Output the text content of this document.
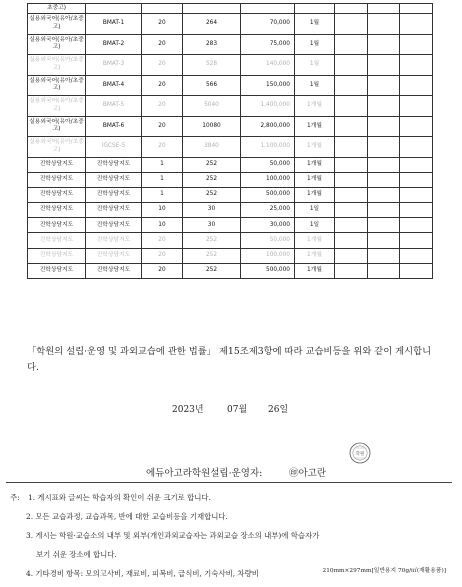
초중고)								
실용외국어(유아/초중고)	BMAT-1	20	264	70,000	1월			
실용외국어(유아/초중고)	BMAT-2	20	283	75,000	1월			
실용외국어(유아/초중고)	BMAT-3	20	528	140,000	1월			
실용외국어(유아/초중고)	BMAT-4	20	566	150,000	1월			
실용외국어(유아/초중고)	BMAT-5	20	5040	1,400,000	1개월			
실용외국어(유아/초중고)	BMAT-6	20	10080	2,800,000	1개월			
실용외국어(유아/초중고)	IGCSE-5	20	3840	1,100,000	1개월			
진학상담지도	진학상담지도	1	252	50,000	1개월			
진학상담지도	진학상담지도	1	252	100,000	1개월			
진학상담지도	진학상담지도	1	252	500,000	1개월			
진학상담지도	진학상담지도	10	30	25,000	1일			
진학상담지도	진학상담지도	10	30	30,000	1일			
진학상담지도	진학상담지도	20	252	50,000	1개월			
진학상담지도	진학상담지도	20	252	100,000	1개월			
진학상담지도	진학상담지도	20	252	500,000	1개월			

「학원의 설립·운영 및 과외교습에 관한 법률」 제15조제3항에 따라 교습비등을 위와 같이 게시합니다.

2023년	07월 26일
에듀아고라학원설립·운영자:	㊞아고란
학원
주: 1. 게시표와 글씨는 학습자의 확인이 쉬운 크기로 합니다.
2. 모든 교습과정, 교습과목, 반에 대한 교습비등을 기재합니다.
3. 게시는 학원·교습소의 내부 및 외부(개인과외교습자는 과외교습 장소의 내부)에 학습자가
보기 쉬운 장소에 합니다.
4. 기타경비 항목: 모의고사비, 재료비, 피복비, 급식비, 기숙사비, 차량비	210mm×297mm[일반용지 70g/㎡(재활용품)]
